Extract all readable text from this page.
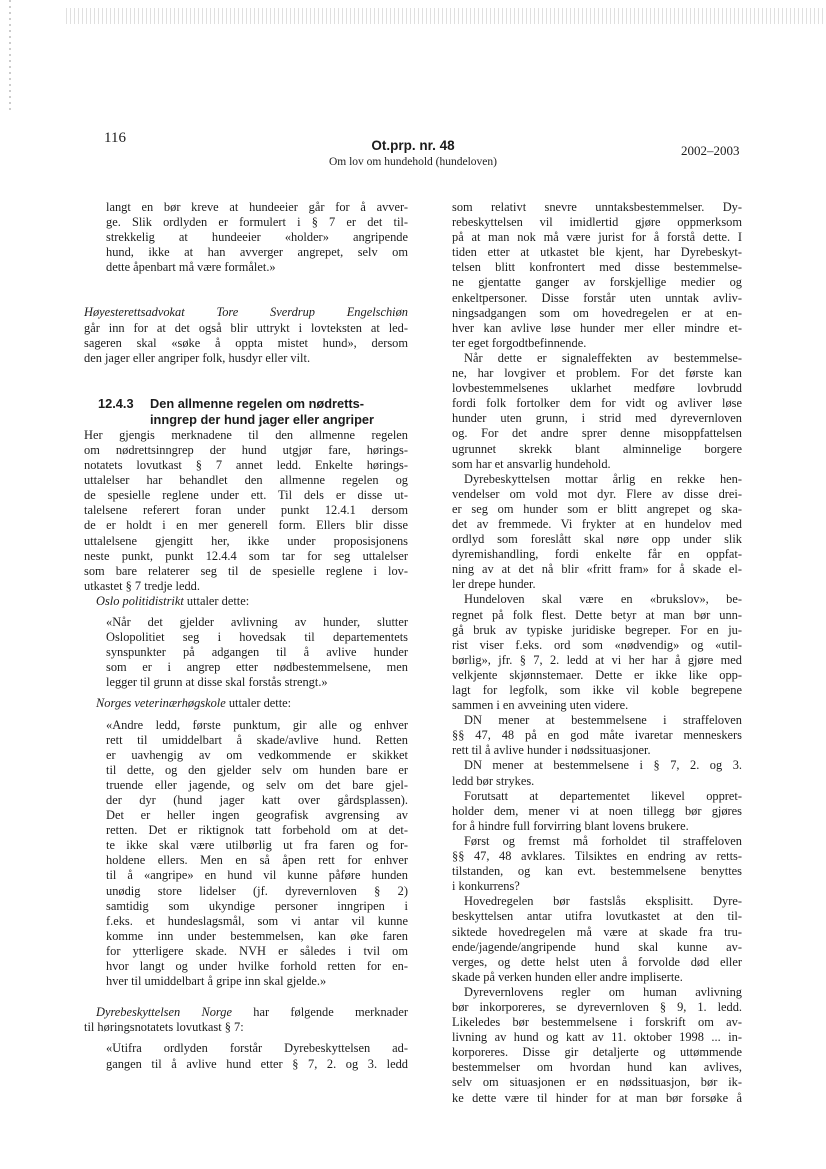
116	Ot.prp. nr. 48
Om lov om hundehold (hundeloven)
2002–2003
langt en bør kreve at hundeeier går for å avver-
ge. Slik ordlyden er formulert i § 7 er det til-
strekkelig at hundeeier «holder» angripende
hund, ikke at han avverger angrepet, selv om
dette åpenbart må være formålet.»
Høyesterettsadvokat Tore Sverdrup Engelschiøn
går inn for at det også blir uttrykt i lovteksten at led-
sageren skal «søke å oppta mistet hund», dersom
den jager eller angriper folk, husdyr eller vilt.
12.4.3 Den allmenne regelen om nødretts-
inngrep der hund jager eller angriper
Her gjengis merknadene til den allmenne regelen
om nødrettsinngrep der hund utgjør fare, hørings-
notatets lovutkast § 7 annet ledd. Enkelte hørings-
uttalelser har behandlet den allmenne regelen og
de spesielle reglene under ett. Til dels er disse ut-
talelsene referert foran under punkt 12.4.1 dersom
de er holdt i en mer generell form. Ellers blir disse
uttalelsene gjengitt her, ikke under proposisjonens
neste punkt, punkt 12.4.4 som tar for seg uttalelser
som bare relaterer seg til de spesielle reglene i lov-
utkastet § 7 tredje ledd.
Oslo politidistrikt uttaler dette:
«Når det gjelder avlivning av hunder, slutter
Oslopolitiet seg i hovedsak til departementets
synspunkter på adgangen til å avlive hunder
som er i angrep etter nødbestemmelsene, men
legger til grunn at disse skal forstås strengt.»
Norges veterinærhøgskole uttaler dette:
«Andre ledd, første punktum, gir alle og enhver
rett til umiddelbart å skade/avlive hund. Retten
er uavhengig av om vedkommende er skikket
til dette, og den gjelder selv om hunden bare er
truende eller jagende, og selv om det bare gjel-
der dyr (hund jager katt over gårdsplassen).
Det er heller ingen geografisk avgrensing av
retten. Det er riktignok tatt forbehold om at det-
te ikke skal være utilbørlig ut fra faren og for-
holdene ellers. Men en så åpen rett for enhver
til å «angripe» en hund vil kunne påføre hunden
unødig store lidelser (jf. dyrevernloven § 2)
samtidig som ukyndige personer inngripen i
f.eks. et hundeslagsmål, som vi antar vil kunne
komme inn under bestemmelsen, kan øke faren
for ytterligere skade. NVH er således i tvil om
hvor langt og under hvilke forhold retten for en-
hver til umiddelbart å gripe inn skal gjelde.»
Dyrebeskyttelsen Norge har følgende merknader
til høringsnotatets lovutkast § 7:
«Utifra ordlyden forstår Dyrebeskyttelsen ad-
gangen til å avlive hund etter § 7, 2. og 3. ledd
som relativt snevre unntaksbestemmelser. Dy-
rebeskyttelsen vil imidlertid gjøre oppmerksom
på at man nok må være jurist for å forstå dette. I
tiden etter at utkastet ble kjent, har Dyrebeskyt-
telsen blitt konfrontert med disse bestemmelse-
ne gjentatte ganger av forskjellige medier og
enkeltpersoner. Disse forstår uten unntak avliv-
ningsadgangen som om hovedregelen er at en-
hver kan avlive løse hunder mer eller mindre et-
ter eget forgodtbefinnende.
Når dette er signaleffekten av bestemmelse-
ne, har lovgiver et problem. For det første kan
lovbestemmelsenes uklarhet medføre lovbrudd
fordi folk fortolker dem for vidt og avliver løse
hunder uten grunn, i strid med dyrevernloven
og. For det andre sprer denne misoppfattelsen
ugrunnet skrekk blant alminnelige borgere
som har et ansvarlig hundehold.
Dyrebeskyttelsen mottar årlig en rekke hen-
vendelser om vold mot dyr. Flere av disse drei-
er seg om hunder som er blitt angrepet og ska-
det av fremmede. Vi frykter at en hundelov med
ordlyd som foreslått skal nøre opp under slik
dyremishandling, fordi enkelte får en oppfat-
ning av at det nå blir «fritt fram» for å skade el-
ler drepe hunder.
Hundeloven skal være en «brukslov», be-
regnet på folk flest. Dette betyr at man bør unn-
gå bruk av typiske juridiske begreper. For en ju-
rist viser f.eks. ord som «nødvendig» og «util-
børlig», jfr. § 7, 2. ledd at vi her har å gjøre med
velkjente skjønnstemaer. Dette er ikke like opp-
lagt for legfolk, som ikke vil koble begrepene
sammen i en avveining uten videre.
DN mener at bestemmelsene i straffeloven
§§ 47, 48 på en god måte ivaretar menneskers
rett til å avlive hunder i nødssituasjoner.
DN mener at bestemmelsene i § 7, 2. og 3.
ledd bør strykes.
Forutsatt at departementet likevel oppret-
holder dem, mener vi at noen tillegg bør gjøres
for å hindre full forvirring blant lovens brukere.
Først og fremst må forholdet til straffeloven
§§ 47, 48 avklares. Tilsiktes en endring av retts-
tilstanden, og kan evt. bestemmelsene benyttes
i konkurrens?
Hovedregelen bør fastslås eksplisitt. Dyre-
beskyttelsen antar utifra lovutkastet at den til-
siktede hovedregelen må være at skade fra tru-
ende/jagende/angripende hund skal kunne av-
verges, og dette helst uten å forvolde død eller
skade på verken hunden eller andre impliserte.
Dyrevernlovens regler om human avlivning
bør inkorporeres, se dyrevernloven § 9, 1. ledd.
Likeledes bør bestemmelsene i forskrift om av-
livning av hund og katt av 11. oktober 1998 ... in-
korporeres. Disse gir detaljerte og uttømmende
bestemmelser om hvordan hund kan avlives,
selv om situasjonen er en nødssituasjon, bør ik-
ke dette være til hinder for at man bør forsøke å
